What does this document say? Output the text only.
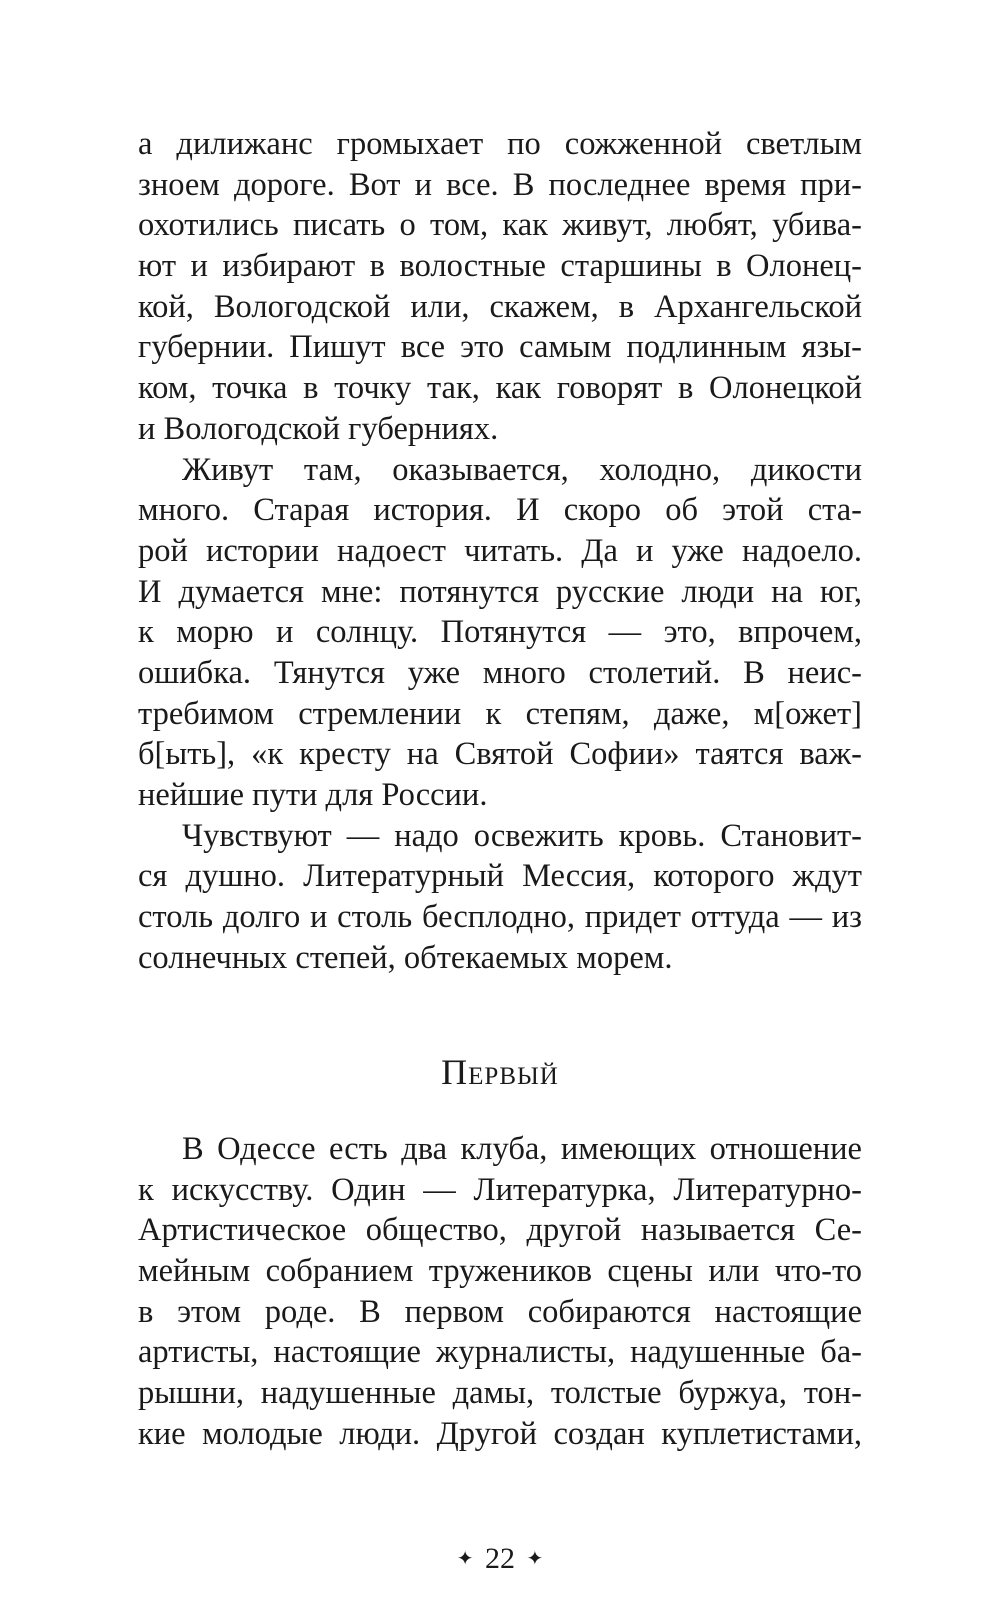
а дилижанс громыхает по сожженной светлым
зноем дороге. Вот и все. В последнее время при-
охотились писать о том, как живут, любят, убива-
ют и избирают в волостные старшины в Олонец-
кой, Вологодской или, скажем, в Архангельской
губернии. Пишут все это самым подлинным язы-
ком, точка в точку так, как говорят в Олонецкой
и Вологодской губерниях.
Живут там, оказывается, холодно, дикости
много. Старая история. И скоро об этой ста-
рой истории надоест читать. Да и уже надоело.
И думается мне: потянутся русские люди на юг,
к морю и солнцу. Потянутся — это, впрочем,
ошибка. Тянутся уже много столетий. В неис-
требимом стремлении к степям, даже, м[ожет]
б[ыть], «к кресту на Святой Софии» таятся важ-
нейшие пути для России.
Чувствуют — надо освежить кровь. Становит-
ся душно. Литературный Мессия, которого ждут
столь долго и столь бесплодно, придет оттуда — из
солнечных степей, обтекаемых морем.
Первый
В Одессе есть два клуба, имеющих отношение
к искусству. Один — Литературка, Литературно-
Артистическое общество, другой называется Се-
мейным собранием тружеников сцены или что-то
в этом роде. В первом собираются настоящие
артисты, настоящие журналисты, надушенные ба-
рышни, надушенные дамы, толстые буржуа, тон-
кие молодые люди. Другой создан куплетистами,
✦ 22 ✦
